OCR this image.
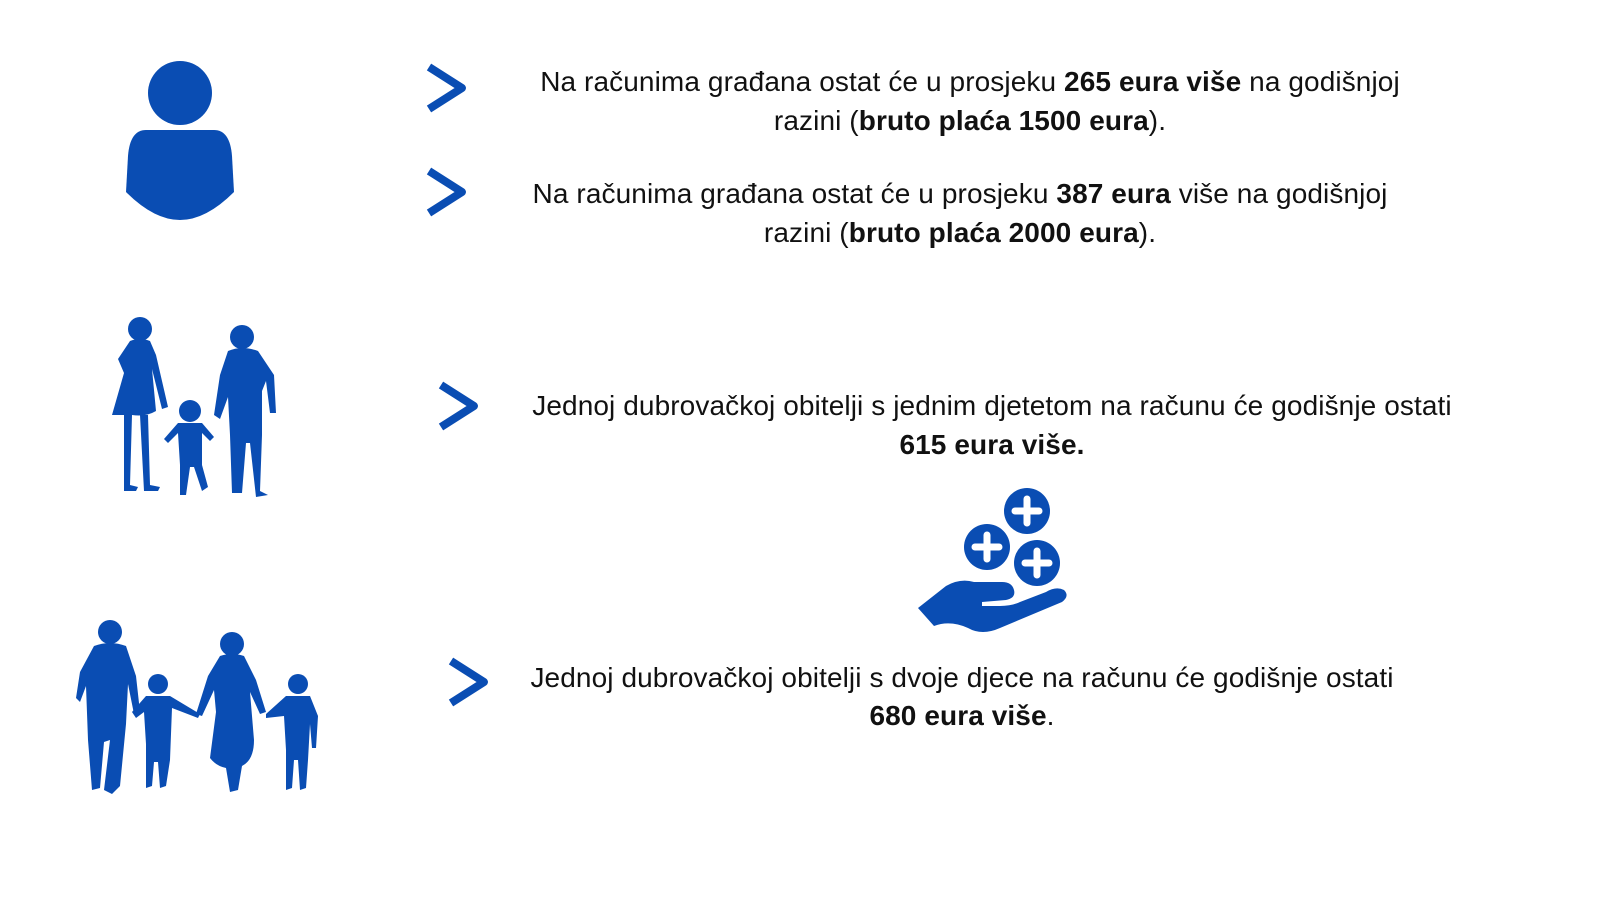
Na računima građana ostat će u prosjeku 265 eura više na godišnjoj
razini (bruto plaća 1500 eura).
Na računima građana ostat će u prosjeku 387 eura više na godišnjoj
razini (bruto plaća 2000 eura).
Jednoj dubrovačkoj obitelji s jednim djetetom na računu će godišnje ostati
615 eura više.
Jednoj dubrovačkoj obitelji s dvoje djece na računu će godišnje ostati
680 eura više.
